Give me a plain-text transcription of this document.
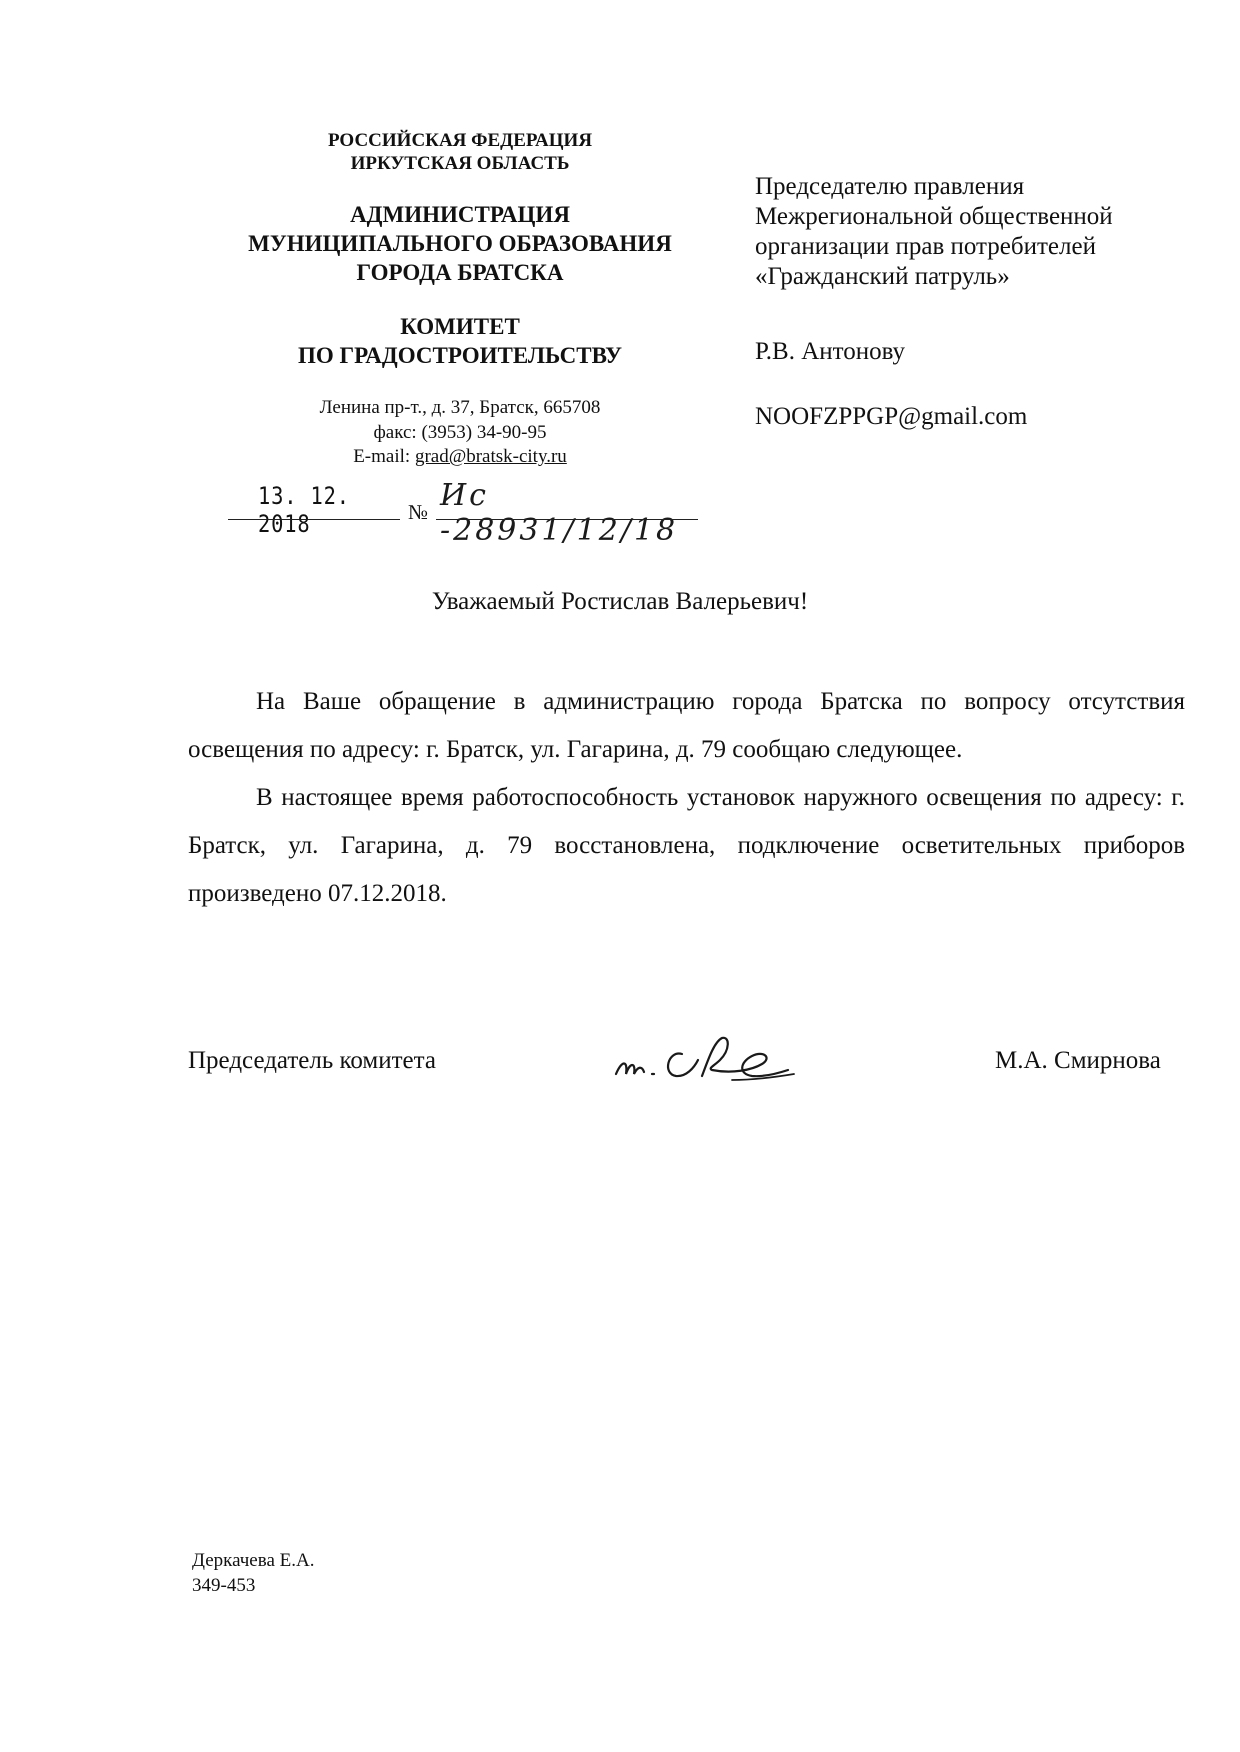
РОССИЙСКАЯ ФЕДЕРАЦИЯ
ИРКУТСКАЯ ОБЛАСТЬ
АДМИНИСТРАЦИЯ
МУНИЦИПАЛЬНОГО ОБРАЗОВАНИЯ
ГОРОДА БРАТСКА
КОМИТЕТ
ПО ГРАДОСТРОИТЕЛЬСТВУ
Ленина пр-т., д. 37, Братск, 665708
факс: (3953) 34-90-95
E-mail: grad@bratsk-city.ru
13. 12. 2018	№ Ис -28931/12/18
Председателю правления
Межрегиональной общественной
организации прав потребителей
«Гражданский патруль»
Р.В. Антонову
NOOFZPPGP@gmail.com
Уважаемый Ростислав Валерьевич!

На Ваше обращение в администрацию города Братска по вопросу отсутствия освещения по адресу: г. Братск, ул. Гагарина, д. 79 сообщаю следующее.

В настоящее время работоспособность установок наружного освещения по адресу: г. Братск, ул. Гагарина, д. 79 восстановлена, подключение осветительных приборов произведено 07.12.2018.

Председатель комитета	М.А. Смирнова
Деркачева Е.А.
349-453
